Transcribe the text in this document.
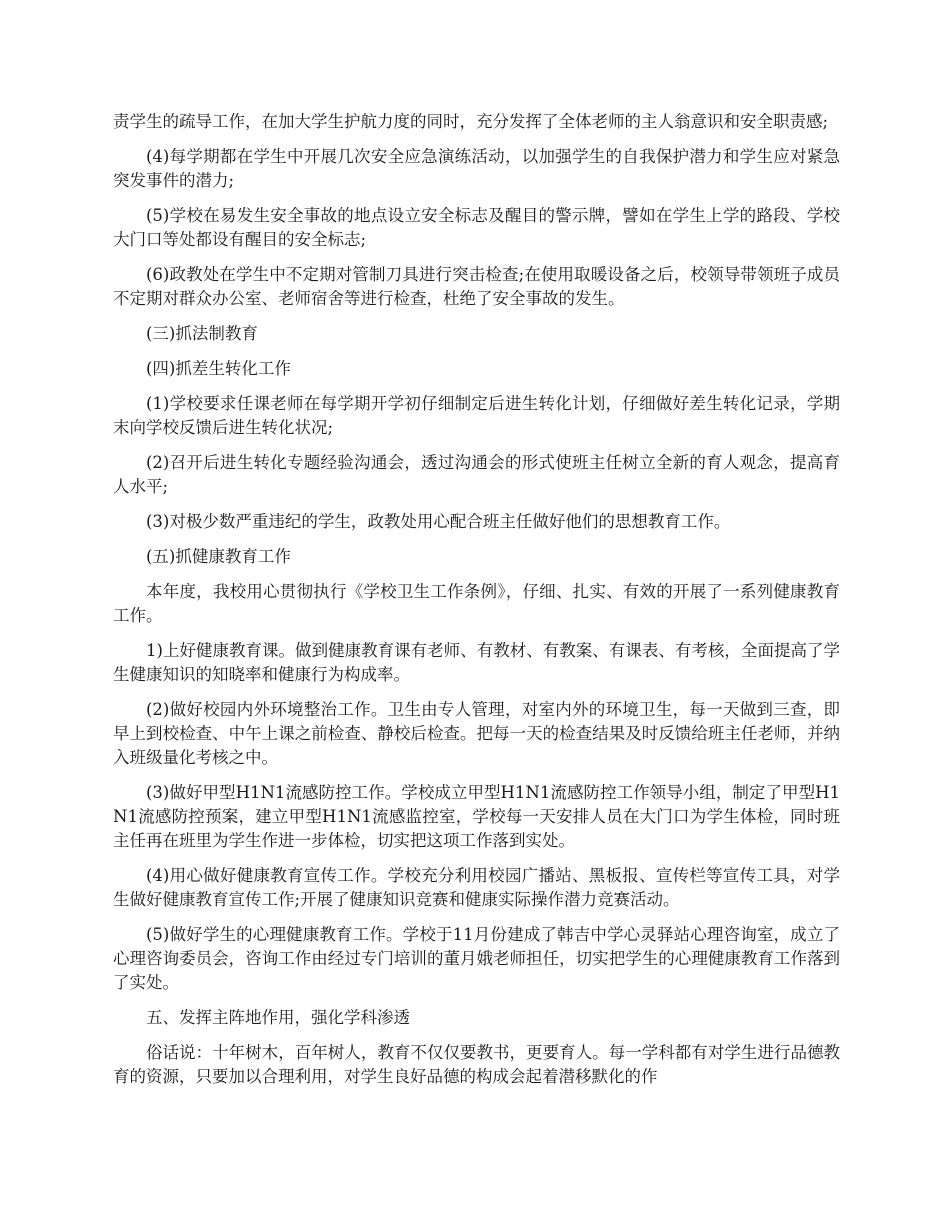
责学生的疏导工作，在加大学生护航力度的同时，充分发挥了全体老师的主人翁意识和安全职责感;

(4)每学期都在学生中开展几次安全应急演练活动，以加强学生的自我保护潜力和学生应对紧急突发事件的潜力;

(5)学校在易发生安全事故的地点设立安全标志及醒目的警示牌，譬如在学生上学的路段、学校大门口等处都设有醒目的安全标志;

(6)政教处在学生中不定期对管制刀具进行突击检查;在使用取暖设备之后，校领导带领班子成员不定期对群众办公室、老师宿舍等进行检查，杜绝了安全事故的发生。

(三)抓法制教育

(四)抓差生转化工作

(1)学校要求任课老师在每学期开学初仔细制定后进生转化计划，仔细做好差生转化记录，学期末向学校反馈后进生转化状况;

(2)召开后进生转化专题经验沟通会，透过沟通会的形式使班主任树立全新的育人观念，提高育人水平;

(3)对极少数严重违纪的学生，政教处用心配合班主任做好他们的思想教育工作。

(五)抓健康教育工作

本年度，我校用心贯彻执行《学校卫生工作条例》，仔细、扎实、有效的开展了一系列健康教育工作。

1)上好健康教育课。做到健康教育课有老师、有教材、有教案、有课表、有考核，全面提高了学生健康知识的知晓率和健康行为构成率。

(2)做好校园内外环境整治工作。卫生由专人管理，对室内外的环境卫生，每一天做到三查，即早上到校检查、中午上课之前检查、静校后检查。把每一天的检查结果及时反馈给班主任老师，并纳入班级量化考核之中。

(3)做好甲型H1N1流感防控工作。学校成立甲型H1N1流感防控工作领导小组，制定了甲型H1N1流感防控预案，建立甲型H1N1流感监控室，学校每一天安排人员在大门口为学生体检，同时班主任再在班里为学生作进一步体检，切实把这项工作落到实处。

(4)用心做好健康教育宣传工作。学校充分利用校园广播站、黑板报、宣传栏等宣传工具，对学生做好健康教育宣传工作;开展了健康知识竞赛和健康实际操作潜力竞赛活动。

(5)做好学生的心理健康教育工作。学校于11月份建成了韩吉中学心灵驿站心理咨询室，成立了心理咨询委员会，咨询工作由经过专门培训的董月娥老师担任，切实把学生的心理健康教育工作落到了实处。

五、发挥主阵地作用，强化学科渗透

俗话说：十年树木，百年树人，教育不仅仅要教书，更要育人。每一学科都有对学生进行品德教育的资源，只要加以合理利用，对学生良好品德的构成会起着潜移默化的作
